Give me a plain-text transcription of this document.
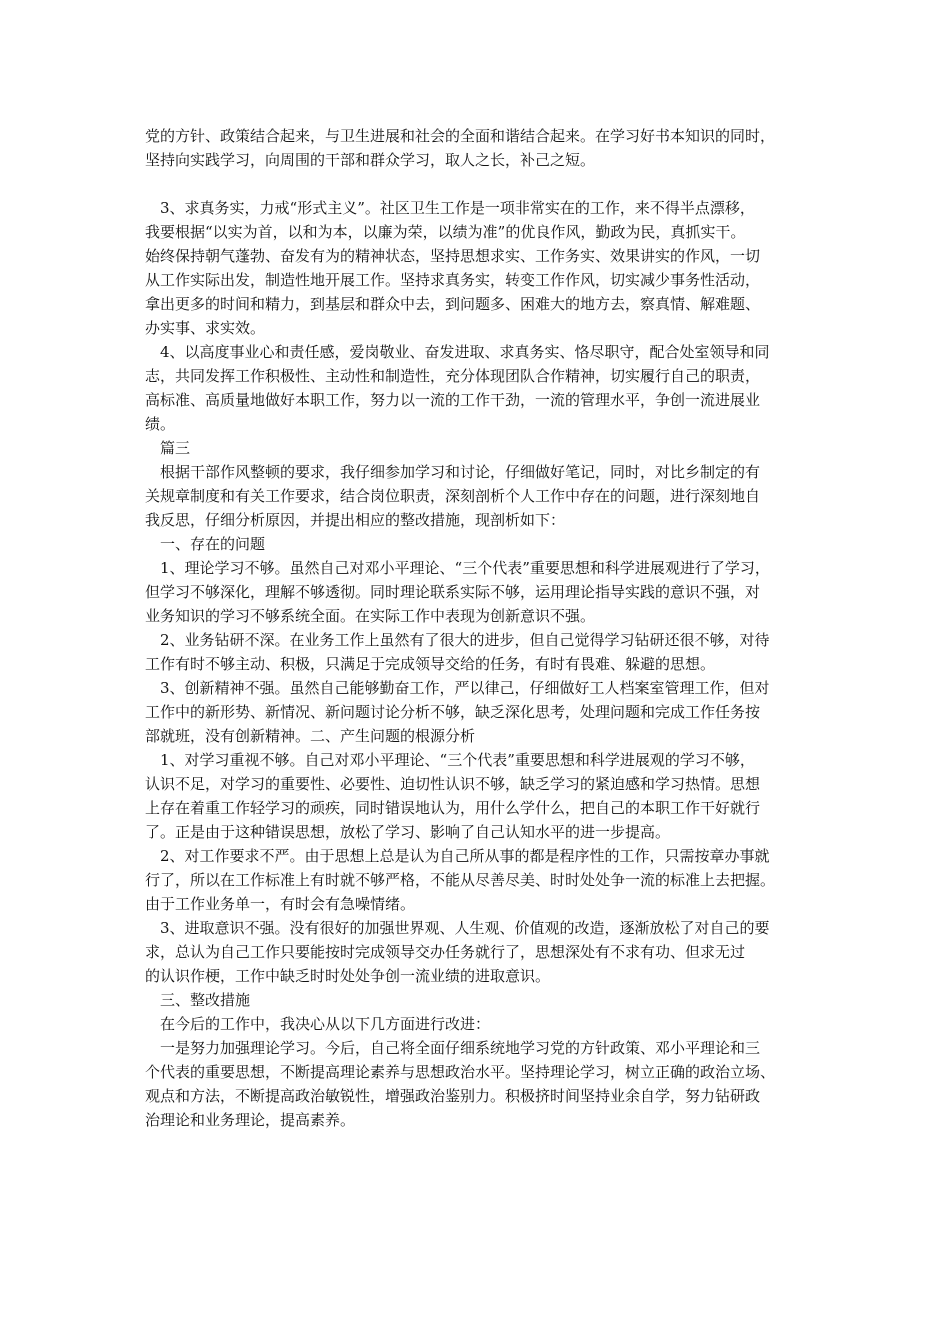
党的方针、政策结合起来，与卫生进展和社会的全面和谐结合起来。在学习好书本知识的同时，
坚持向实践学习，向周围的干部和群众学习，取人之长，补己之短。
　3、求真务实，力戒“形式主义”。社区卫生工作是一项非常实在的工作，来不得半点漂移，
我要根据“以实为首，以和为本，以廉为荣，以绩为准”的优良作风，勤政为民，真抓实干。
始终保持朝气蓬勃、奋发有为的精神状态，坚持思想求实、工作务实、效果讲实的作风，一切
从工作实际出发，制造性地开展工作。坚持求真务实，转变工作作风，切实减少事务性活动，
拿出更多的时间和精力，到基层和群众中去，到问题多、困难大的地方去，察真情、解难题、
办实事、求实效。
　4、以高度事业心和责任感，爱岗敬业、奋发进取、求真务实、恪尽职守，配合处室领导和同
志，共同发挥工作积极性、主动性和制造性，充分体现团队合作精神，切实履行自己的职责，
高标准、高质量地做好本职工作，努力以一流的工作干劲，一流的管理水平，争创一流进展业
绩。
　篇三
　根据干部作风整顿的要求，我仔细参加学习和讨论，仔细做好笔记，同时，对比乡制定的有
关规章制度和有关工作要求，结合岗位职责，深刻剖析个人工作中存在的问题，进行深刻地自
我反思，仔细分析原因，并提出相应的整改措施，现剖析如下：
　一、存在的问题
　1、理论学习不够。虽然自己对邓小平理论、“三个代表”重要思想和科学进展观进行了学习，
但学习不够深化，理解不够透彻。同时理论联系实际不够，运用理论指导实践的意识不强，对
业务知识的学习不够系统全面。在实际工作中表现为创新意识不强。
　2、业务钻研不深。在业务工作上虽然有了很大的进步，但自己觉得学习钻研还很不够，对待
工作有时不够主动、积极，只满足于完成领导交给的任务，有时有畏难、躲避的思想。
　3、创新精神不强。虽然自己能够勤奋工作，严以律己，仔细做好工人档案室管理工作，但对
工作中的新形势、新情况、新问题讨论分析不够，缺乏深化思考，处理问题和完成工作任务按
部就班，没有创新精神。二、产生问题的根源分析
　1、对学习重视不够。自己对邓小平理论、“三个代表”重要思想和科学进展观的学习不够，
认识不足，对学习的重要性、必要性、迫切性认识不够，缺乏学习的紧迫感和学习热情。思想
上存在着重工作轻学习的顽疾，同时错误地认为，用什么学什么，把自己的本职工作干好就行
了。正是由于这种错误思想，放松了学习、影响了自己认知水平的进一步提高。
　2、对工作要求不严。由于思想上总是认为自己所从事的都是程序性的工作，只需按章办事就
行了，所以在工作标准上有时就不够严格，不能从尽善尽美、时时处处争一流的标准上去把握。
由于工作业务单一，有时会有急噪情绪。
　3、进取意识不强。没有很好的加强世界观、人生观、价值观的改造，逐渐放松了对自己的要
求，总认为自己工作只要能按时完成领导交办任务就行了，思想深处有不求有功、但求无过
的认识作梗，工作中缺乏时时处处争创一流业绩的进取意识。
　三、整改措施
　在今后的工作中，我决心从以下几方面进行改进：
　一是努力加强理论学习。今后，自己将全面仔细系统地学习党的方针政策、邓小平理论和三
个代表的重要思想，不断提高理论素养与思想政治水平。坚持理论学习，树立正确的政治立场、
观点和方法，不断提高政治敏锐性，增强政治鉴别力。积极挤时间坚持业余自学，努力钻研政
治理论和业务理论，提高素养。
